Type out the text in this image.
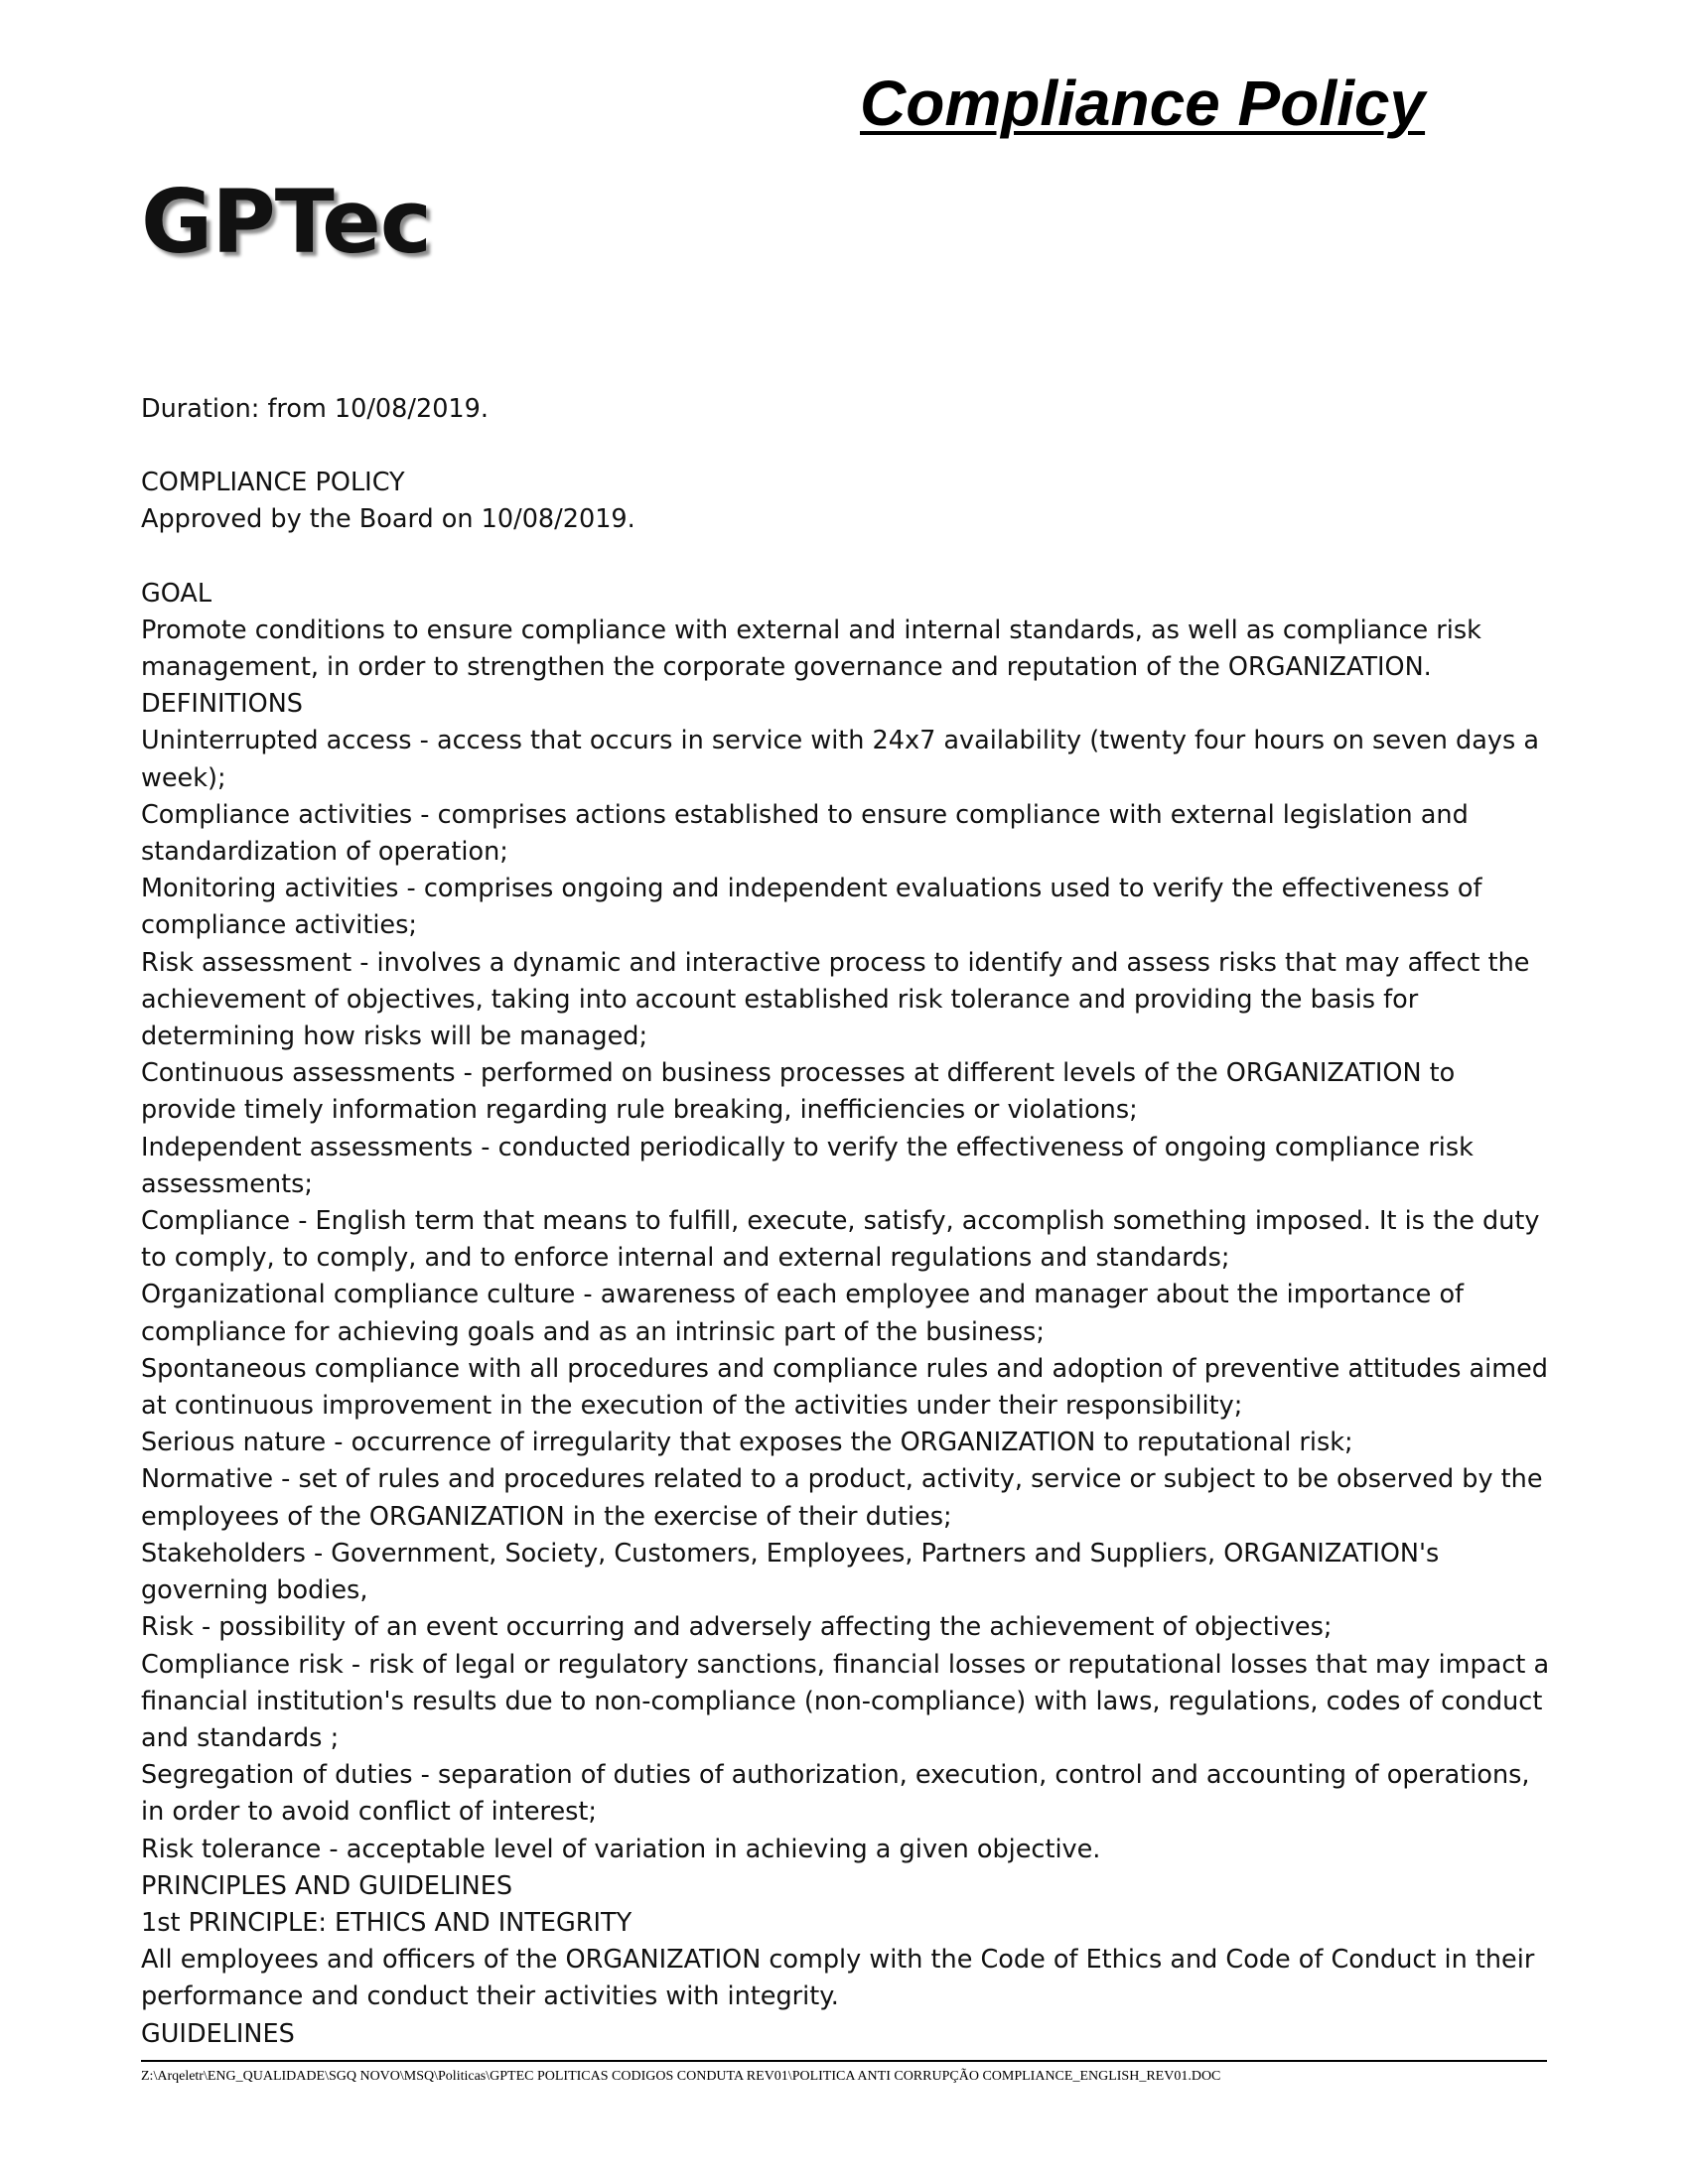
Compliance Policy
GPTec

Duration: from 10/08/2019.

COMPLIANCE POLICY

Approved by the Board on 10/08/2019.

GOAL

Promote conditions to ensure compliance with external and internal standards, as well as compliance risk management, in order to strengthen the corporate governance and reputation of the ORGANIZATION.

DEFINITIONS

Uninterrupted access - access that occurs in service with 24x7 availability (twenty four hours on seven days a week);

Compliance activities - comprises actions established to ensure compliance with external legislation and standardization of operation;

Monitoring activities - comprises ongoing and independent evaluations used to verify the effectiveness of compliance activities;

Risk assessment - involves a dynamic and interactive process to identify and assess risks that may affect the achievement of objectives, taking into account established risk tolerance and providing the basis for determining how risks will be managed;

Continuous assessments - performed on business processes at different levels of the ORGANIZATION to provide timely information regarding rule breaking, inefficiencies or violations;

Independent assessments - conducted periodically to verify the effectiveness of ongoing compliance risk assessments;

Compliance - English term that means to fulfill, execute, satisfy, accomplish something imposed. It is the duty to comply, to comply, and to enforce internal and external regulations and standards;

Organizational compliance culture - awareness of each employee and manager about the importance of compliance for achieving goals and as an intrinsic part of the business;

Spontaneous compliance with all procedures and compliance rules and adoption of preventive attitudes aimed at continuous improvement in the execution of the activities under their responsibility;

Serious nature - occurrence of irregularity that exposes the ORGANIZATION to reputational risk;

Normative - set of rules and procedures related to a product, activity, service or subject to be observed by the employees of the ORGANIZATION in the exercise of their duties;

Stakeholders - Government, Society, Customers, Employees, Partners and Suppliers, ORGANIZATION's governing bodies,

Risk - possibility of an event occurring and adversely affecting the achievement of objectives;

Compliance risk - risk of legal or regulatory sanctions, financial losses or reputational losses that may impact a financial institution's results due to non-compliance (non-compliance) with laws, regulations, codes of conduct and standards ;

Segregation of duties - separation of duties of authorization, execution, control and accounting of operations, in order to avoid conflict of interest;

Risk tolerance - acceptable level of variation in achieving a given objective.

PRINCIPLES AND GUIDELINES

1st PRINCIPLE: ETHICS AND INTEGRITY

All employees and officers of the ORGANIZATION comply with the Code of Ethics and Code of Conduct in their performance and conduct their activities with integrity.

GUIDELINES

Z:\Arqeletr\ENG_QUALIDADE\SGQ NOVO\MSQ\Politicas\GPTEC POLITICAS CODIGOS CONDUTA REV01\POLITICA ANTI CORRUPÇÃO COMPLIANCE_ENGLISH_REV01.DOC
